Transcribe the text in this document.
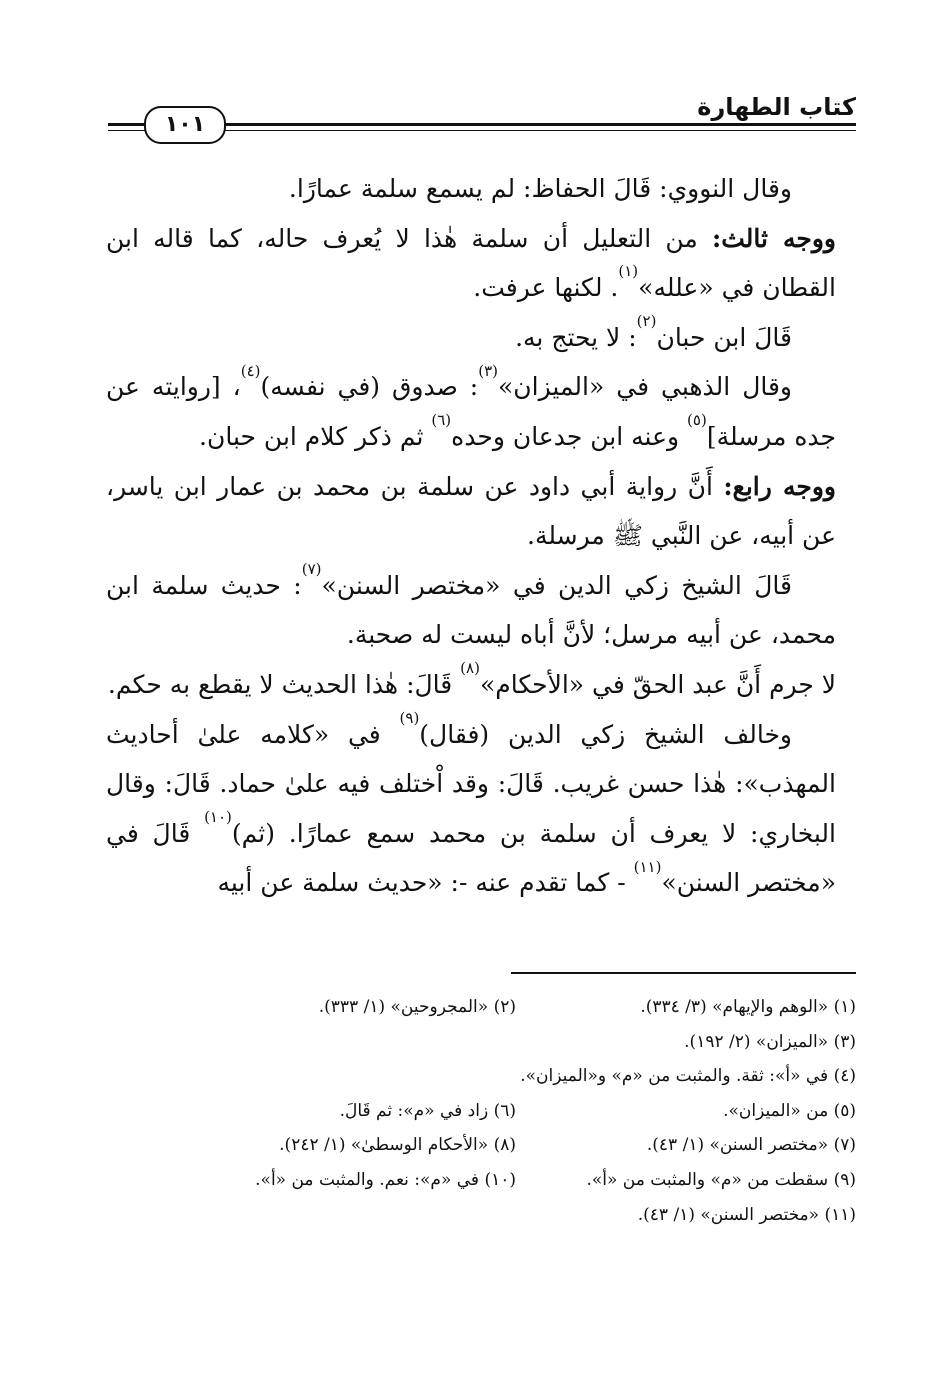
كتاب الطهارة
١٠١

وقال النووي: قَالَ الحفاظ: لم يسمع سلمة عمارًا.

ووجه ثالث: من التعليل أن سلمة هٰذا لا يُعرف حاله، كما قاله ابن القطان في «علله»$^{(١)}$. لكنها عرفت.

قَالَ ابن حبان$^{(٢)}$: لا يحتج به.

وقال الذهبي في «الميزان»$^{(٣)}$: صدوق (في نفسه)$^{(٤)}$، [روايته عن جده مرسلة]$^{(٥)}$ وعنه ابن جدعان وحده$^{(٦)}$ ثم ذكر كلام ابن حبان.

ووجه رابع: أَنَّ رواية أبي داود عن سلمة بن محمد بن عمار ابن ياسر، عن أبيه، عن النَّبي ﷺ مرسلة.

قَالَ الشيخ زكي الدين في «مختصر السنن»$^{(٧)}$: حديث سلمة ابن محمد، عن أبيه مرسل؛ لأنَّ أباه ليست له صحبة.

لا جرم أَنَّ عبد الحقّ في «الأحكام»$^{(٨)}$ قَالَ: هٰذا الحديث لا يقطع به حكم.

وخالف الشيخ زكي الدين (فقال)$^{(٩)}$ في «كلامه علىٰ أحاديث المهذب»: هٰذا حسن غريب. قَالَ: وقد اْختلف فيه علىٰ حماد. قَالَ: وقال البخاري: لا يعرف أن سلمة بن محمد سمع عمارًا. (ثم)$^{(١٠)}$ قَالَ في «مختصر السنن»$^{(١١)}$ - كما تقدم عنه -: «حديث سلمة عن أبيه

(١) «الوهم والإيهام» (٣/ ٣٣٤).
(٢) «المجروحين» (١/ ٣٣٣).
(٣) «الميزان» (٢/ ١٩٢).
(٤) في «أ»: ثقة. والمثبت من «م» و«الميزان».
(٥) من «الميزان».
(٦) زاد في «م»: ثم قَالَ.
(٧) «مختصر السنن» (١/ ٤٣).
(٨) «الأحكام الوسطىٰ» (١/ ٢٤٢).
(٩) سقطت من «م» والمثبت من «أ».
(١٠) في «م»: نعم. والمثبت من «أ».
(١١) «مختصر السنن» (١/ ٤٣).
